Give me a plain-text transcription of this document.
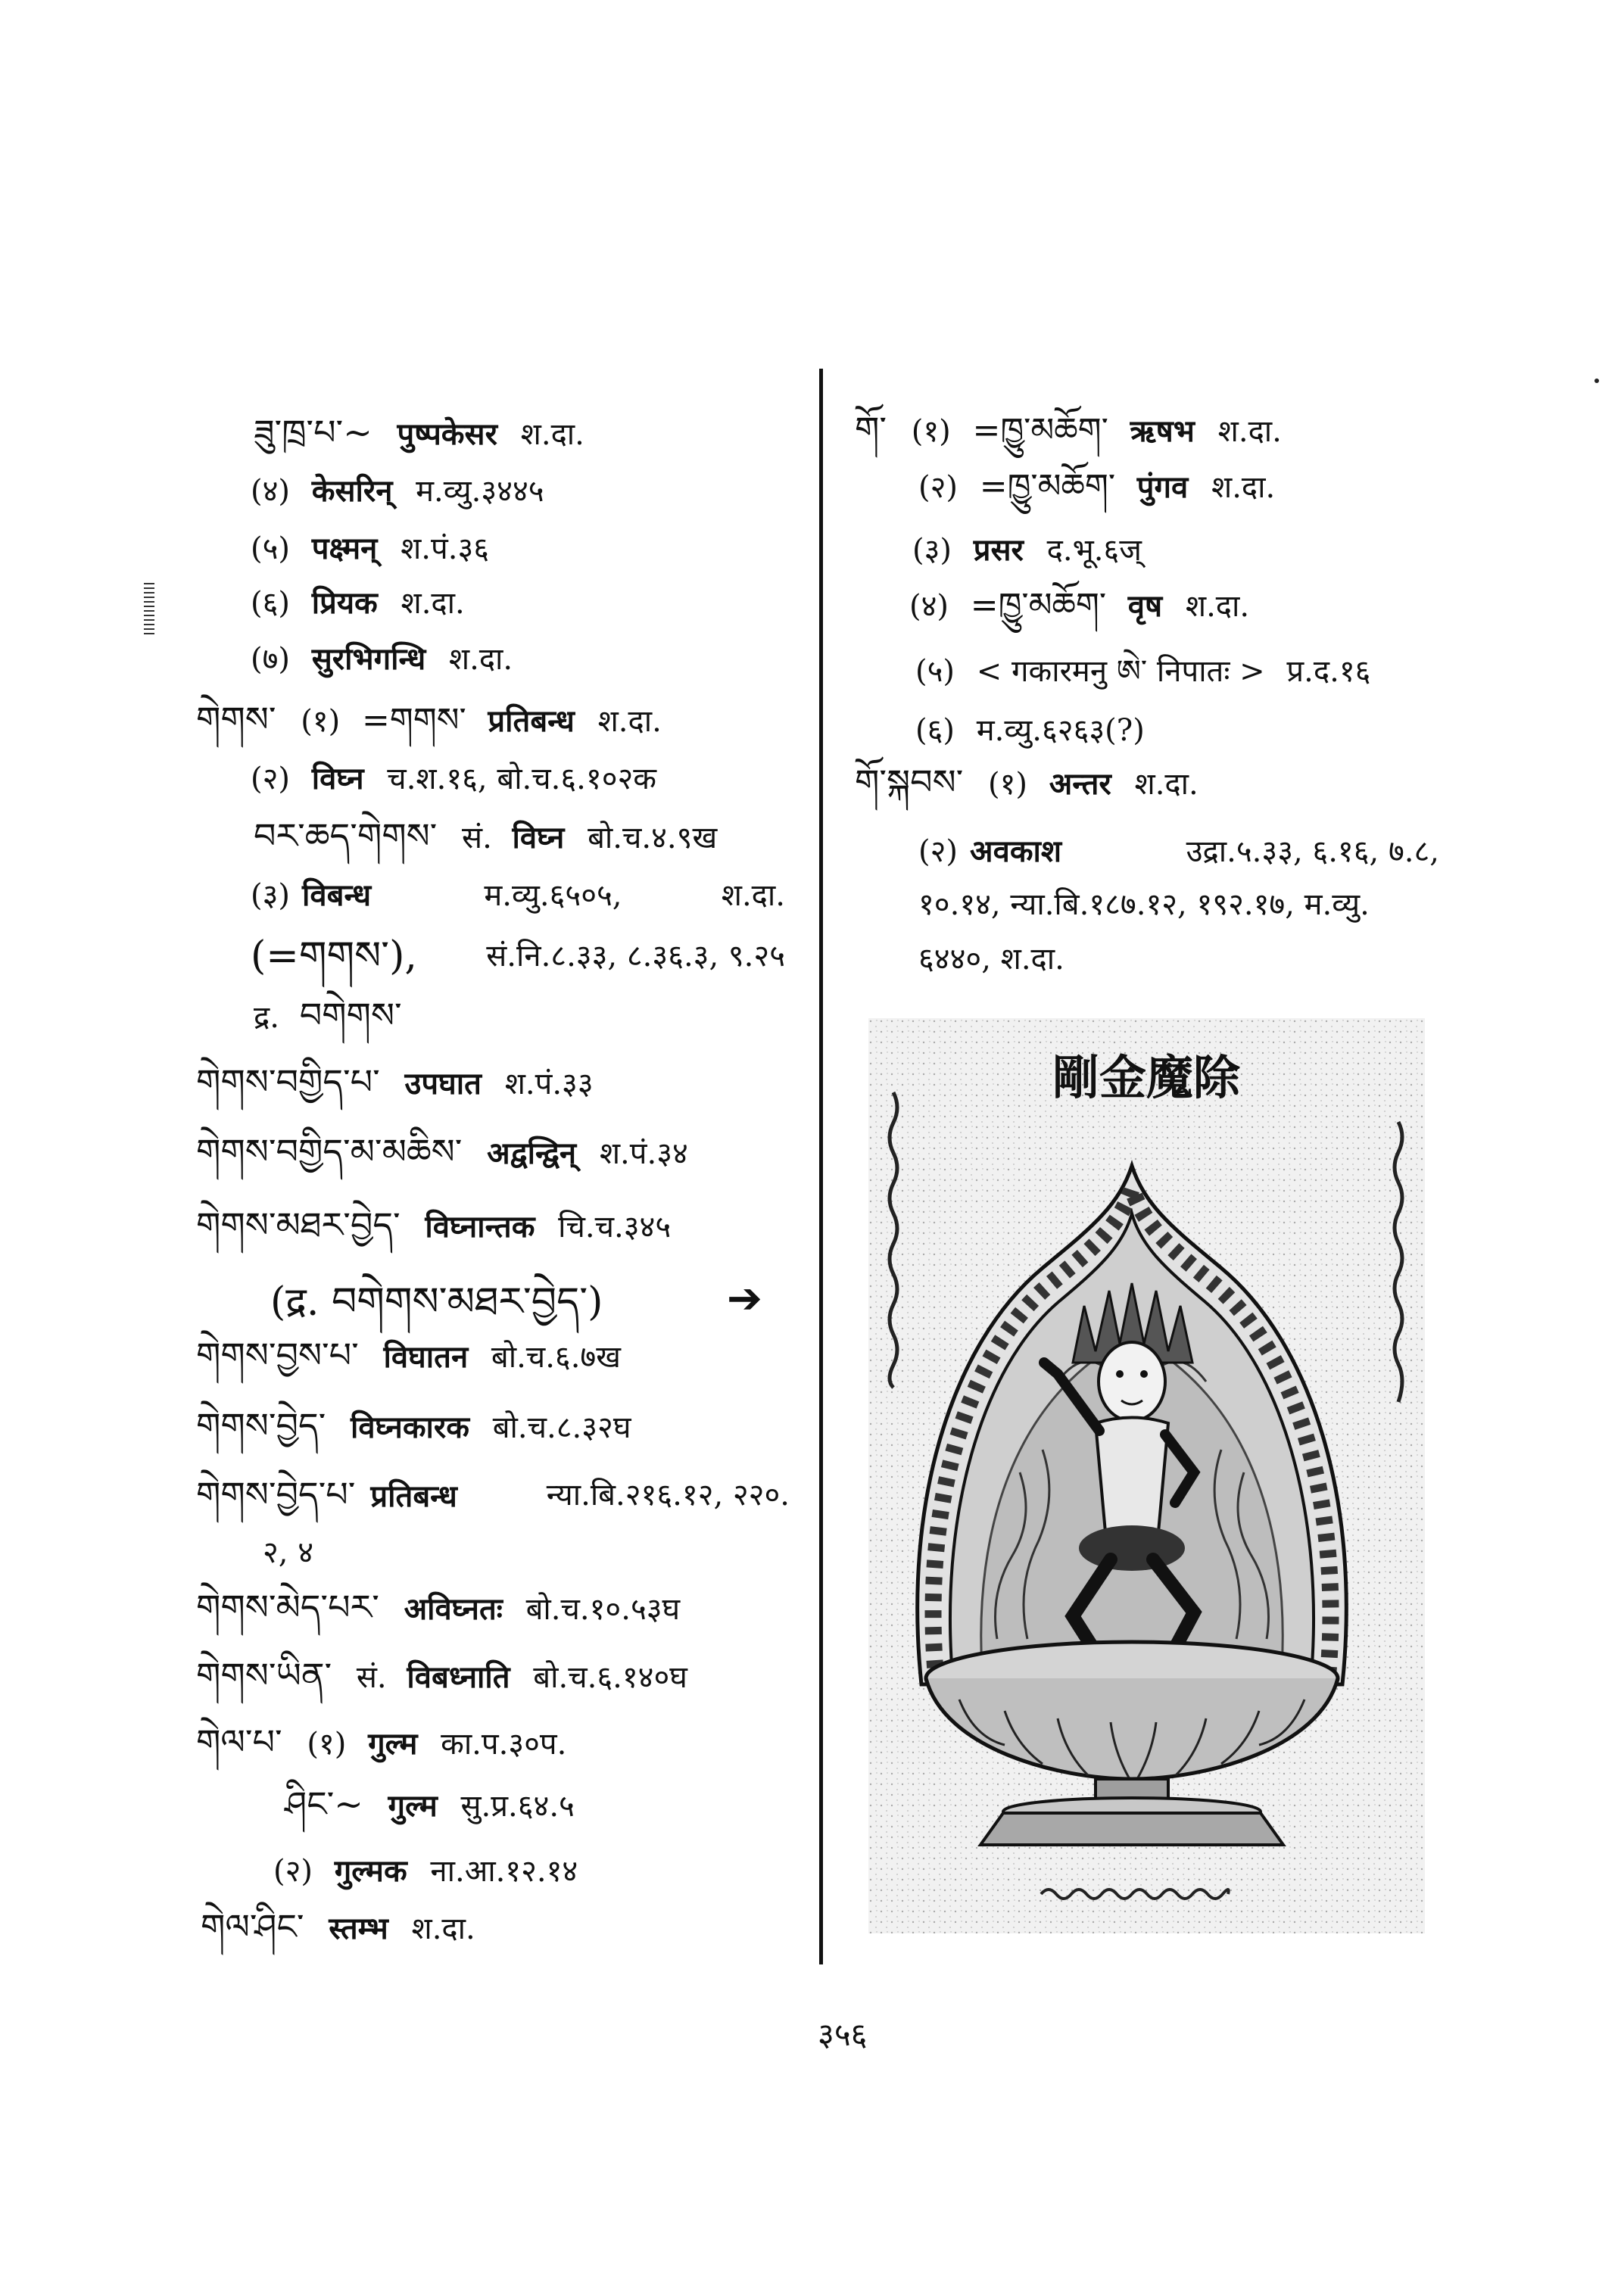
ཟུ་ཁྲ་པ་~ पुष्पकेसर श.दा.
(४) केसरिन् म.व्यु.३४४५
(५) पक्ष्मन् श.पं.३६
(६) प्रियक श.दा.
(७) सुरभिगन्धि श.दा.
གེགས་ (१) =གགས་ प्रतिबन्ध श.दा.
(२) विघ्न च.श.१६, बो.च.६.१०२क
བར་ཆད་གེགས་ सं. विघ्न बो.च.४.९ख
(३) विबन्ध	म.व्यु.६५०५,	श.दा.
(=གགས་), सं.नि.८.३३, ८.३६.३, ९.२५
द्र. བགེགས་
གེགས་བགྱིད་པ་ उपघात श.पं.३३
གེགས་བགྱིད་མ་མཆིས་ अद्वन्द्विन् श.पं.३४
གེགས་མཐར་བྱེད་ विघ्नान्तक चि.च.३४५
(द्र. བགེགས་མཐར་བྱེད་)	➔
གེགས་བྱས་པ་ विघातन बो.च.६.७ख
གེགས་བྱེད་ विघ्नकारक बो.च.८.३२घ
གེགས་བྱེད་པ་ प्रतिबन्ध	न्या.बि.२१६.१२, २२०.
२, ४
གེགས་མེད་པར་ अविघ्नतः बो.च.१०.५३घ
གེགས་ཡིན་ सं. विबध्नाति बो.च.६.१४०घ
གེལ་པ་ (१) गुल्म का.प.३०प.
ཤིང་~ गुल्म सु.प्र.६४.५
(२) गुल्मक ना.आ.१२.१४
གེལ་ཤིང་ स्तम्भ श.दा.
གོ་ (१) =ཁྱུ་མཆོག་ ऋषभ श.दा.
(२) =ཁྱུ་མཆོག་ पुंगव श.दा.
(३) प्रसर द.भू.६ज्
(४) =ཁྱུ་མཆོག་ वृष श.दा.
(५) < गकारमनु ཨེ་ निपातः > प्र.द.१६
(६) म.व्यु.६२६३(?)
གོ་སྐབས་ (१) अन्तर श.दा.
(२) अवकाश	उद्रा.५.३३, ६.१६, ७.८,
१०.१४, न्या.बि.१८७.१२, १९२.१७, म.व्यु.
६४४०, श.दा.
剛金魔除
३५६
